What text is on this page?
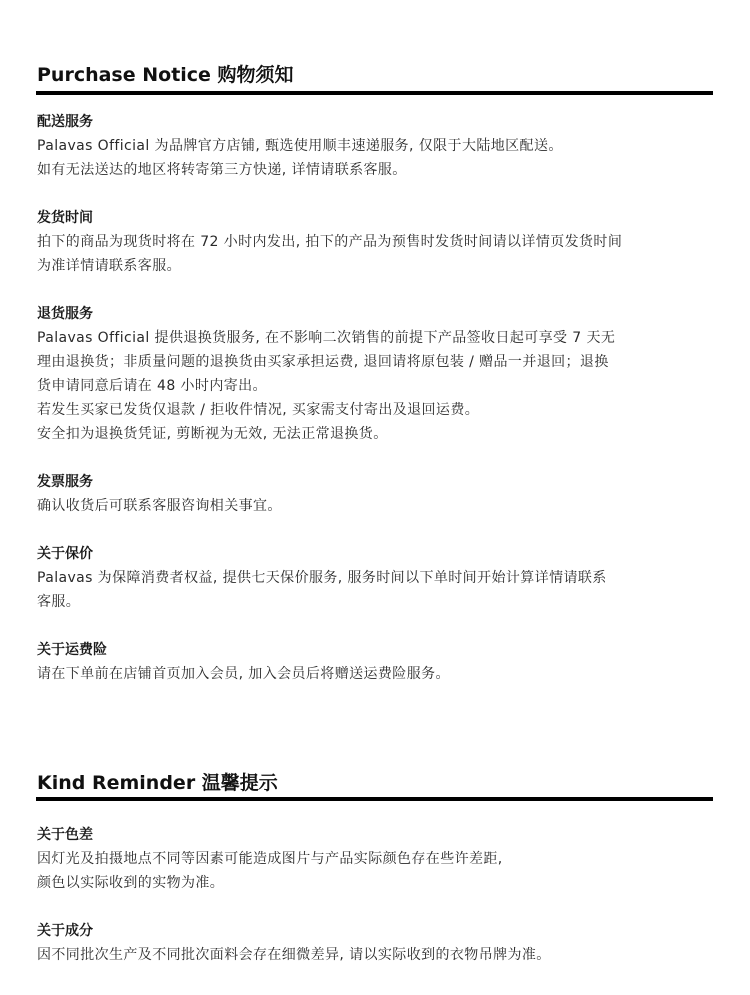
Purchase Notice 购物须知
配送服务
Palavas Official 为品牌官方店铺, 甄选使用顺丰速递服务, 仅限于大陆地区配送。
如有无法送达的地区将转寄第三方快递, 详情请联系客服。
发货时间
拍下的商品为现货时将在 72 小时内发出, 拍下的产品为预售时发货时间请以详情页发货时间
为准详情请联系客服。
退货服务
Palavas Official 提供退换货服务, 在不影响二次销售的前提下产品签收日起可享受 7 天无
理由退换货；非质量问题的退换货由买家承担运费, 退回请将原包装 / 赠品一并退回；退换
货申请同意后请在 48 小时内寄出。
若发生买家已发货仅退款 / 拒收件情况, 买家需支付寄出及退回运费。
安全扣为退换货凭证, 剪断视为无效, 无法正常退换货。
发票服务
确认收货后可联系客服咨询相关事宜。
关于保价
Palavas 为保障消费者权益, 提供七天保价服务, 服务时间以下单时间开始计算详情请联系
客服。
关于运费险
请在下单前在店铺首页加入会员, 加入会员后将赠送运费险服务。
Kind Reminder 温馨提示
关于色差
因灯光及拍摄地点不同等因素可能造成图片与产品实际颜色存在些许差距,
颜色以实际收到的实物为准。
关于成分
因不同批次生产及不同批次面料会存在细微差异, 请以实际收到的衣物吊牌为准。
